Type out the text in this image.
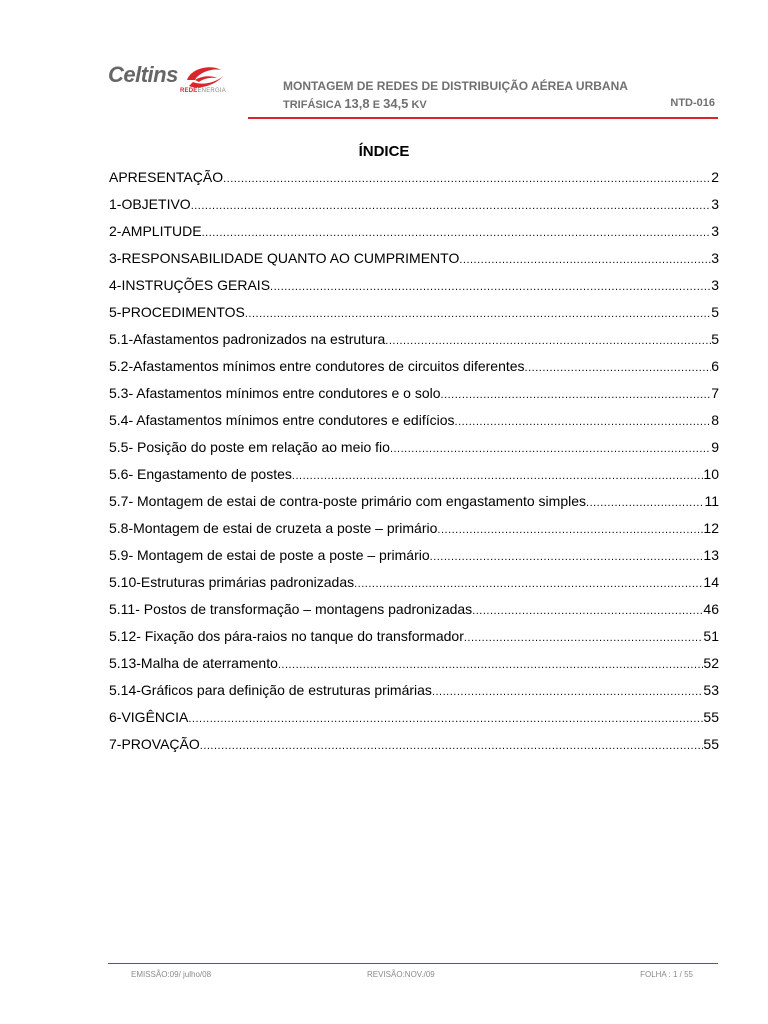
Celtins
REDEENERGIA	MONTAGEM DE REDES DE DISTRIBUIÇÃO AÉREA URBANA
TRIFÁSICA 13,8 E 34,5 KV	NTD-016
ÍNDICE
APRESENTAÇÃO .....	2
1-OBJETIVO .....	3
2-AMPLITUDE .....	3
3-RESPONSABILIDADE QUANTO AO CUMPRIMENTO .....	3
4-INSTRUÇÕES GERAIS .....	3
5-PROCEDIMENTOS .....	5
5.1-Afastamentos padronizados na estrutura .....	5
5.2-Afastamentos mínimos entre condutores de circuitos diferentes .....	6
5.3- Afastamentos mínimos entre condutores e o solo .....	7
5.4- Afastamentos mínimos entre condutores e edifícios .....	8
5.5- Posição do poste em relação ao meio fio .....	9
5.6- Engastamento de postes .....	10
5.7- Montagem de estai de contra-poste primário com engastamento simples .....	11
5.8-Montagem de estai de cruzeta a poste – primário .....	12
5.9- Montagem de estai de poste a poste – primário .....	13
5.10-Estruturas primárias padronizadas .....	14
5.11- Postos de transformação – montagens padronizadas .....	46
5.12- Fixação dos pára-raios no tanque do transformador .....	51
5.13-Malha de aterramento .....	52
5.14-Gráficos para definição de estruturas primárias .....	53
6-VIGÊNCIA .....	55
7-PROVAÇÃO .....	55
EMISSÃO:09/ julho/08	REVISÃO:NOV./09	FOLHA : 1 / 55
